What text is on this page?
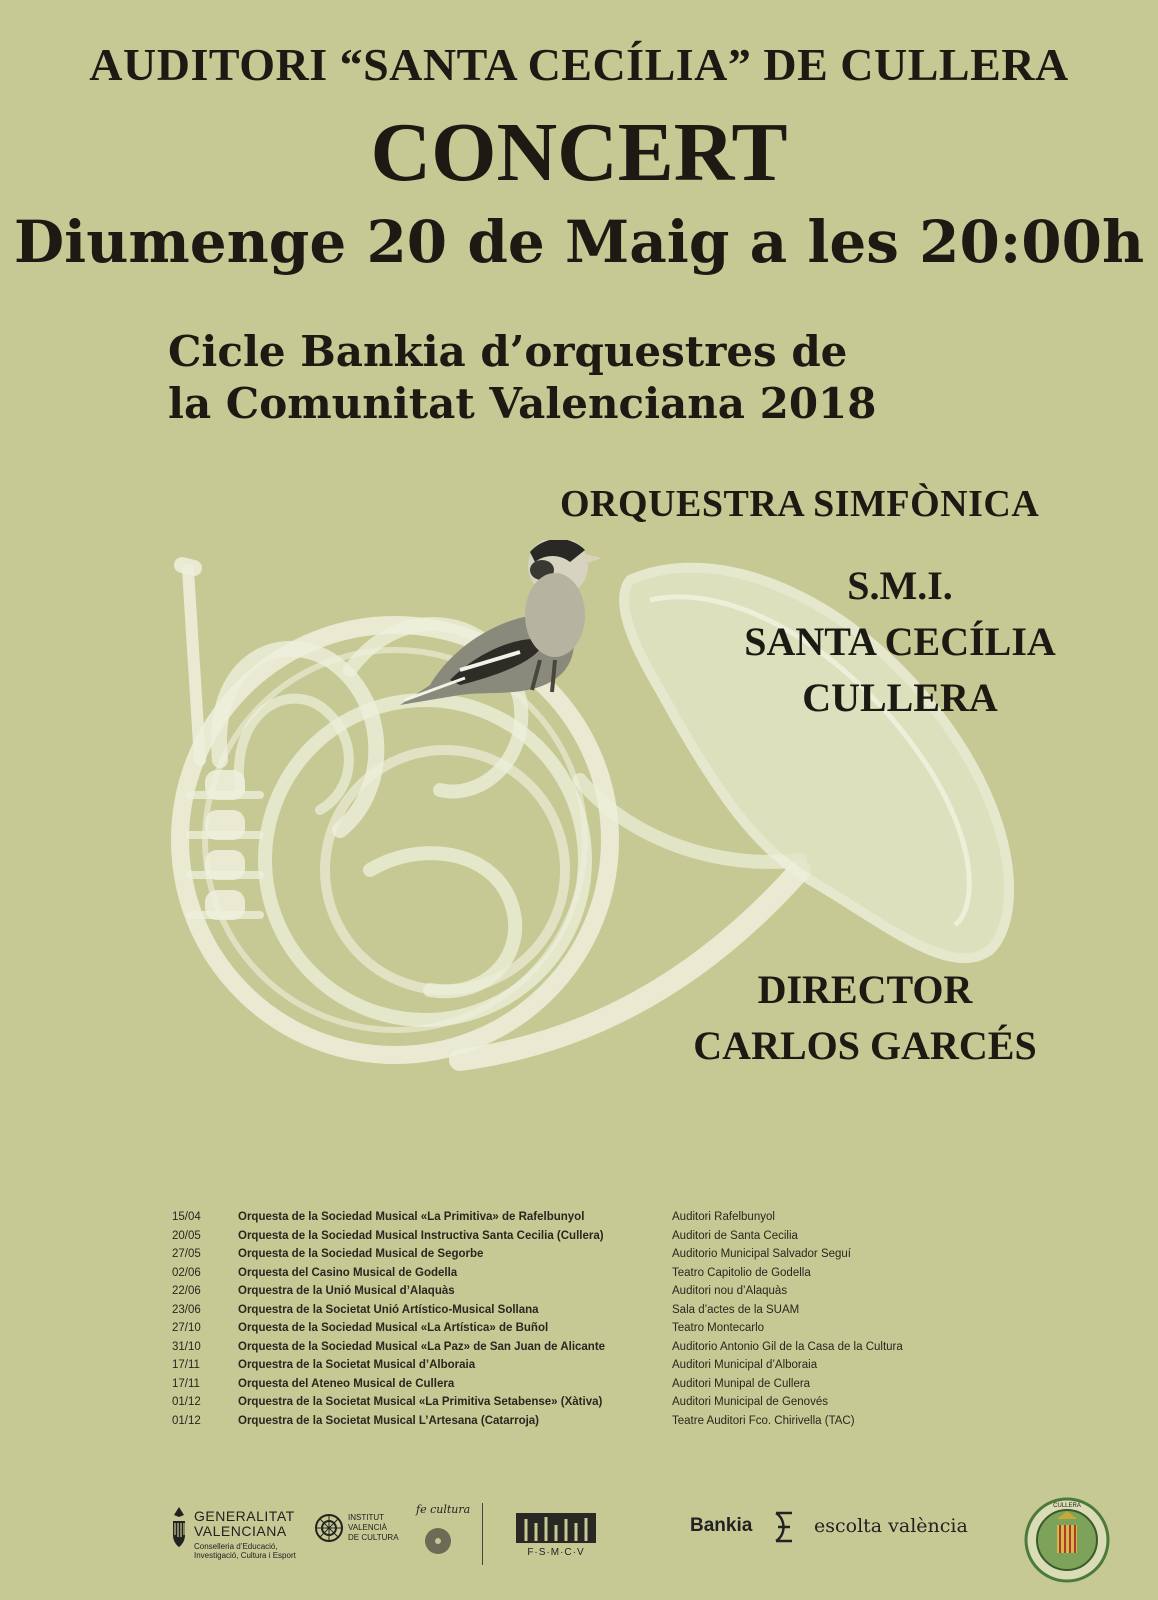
AUDITORI “SANTA CECÍLIA” DE CULLERA
CONCERT
Diumenge 20 de Maig a les 20:00h
Cicle Bankia d’orquestres de
la Comunitat Valenciana 2018
ORQUESTRA SIMFÒNICA
S.M.I.
SANTA CECÍLIA
CULLERA
DIRECTOR
CARLOS GARCÉS
15/04	Orquesta de la Sociedad Musical «La Primitiva» de Rafelbunyol	Auditori Rafelbunyol
20/05	Orquesta de la Sociedad Musical Instructiva Santa Cecilia (Cullera)	Auditori de Santa Cecilia
27/05	Orquesta de la Sociedad Musical de Segorbe	Auditorio Municipal Salvador Seguí
02/06	Orquesta del Casino Musical de Godella	Teatro Capitolio de Godella
22/06	Orquestra de la Unió Musical d’Alaquàs	Auditori nou d’Alaquàs
23/06	Orquestra de la Societat Unió Artístico-Musical Sollana	Sala d’actes de la SUAM
27/10	Orquesta de la Sociedad Musical «La Artística» de Buñol	Teatro Montecarlo
31/10	Orquesta de la Sociedad Musical «La Paz» de San Juan de Alicante	Auditorio Antonio Gil de la Casa de la Cultura
17/11	Orquestra de la Societat Musical d’Alboraia	Auditori Municipal d’Alboraia
17/11	Orquesta del Ateneo Musical de Cullera	Auditori Munipal de Cullera
01/12	Orquestra de la Societat Musical «La Primitiva Setabense» (Xàtiva)	Auditori Municipal de Genovés
01/12	Orquestra de la Societat Musical L’Artesana (Catarroja)	Teatre Auditori Fco. Chirivella (TAC)
GENERALITAT
VALENCIANA
Conselleria d’Educació,
Investigació, Cultura i Esport
INSTITUT
VALENCIÀ
DE CULTURA
fe cultura
F·S·M·C·V
Bankia	escolta valència
CULLERA
